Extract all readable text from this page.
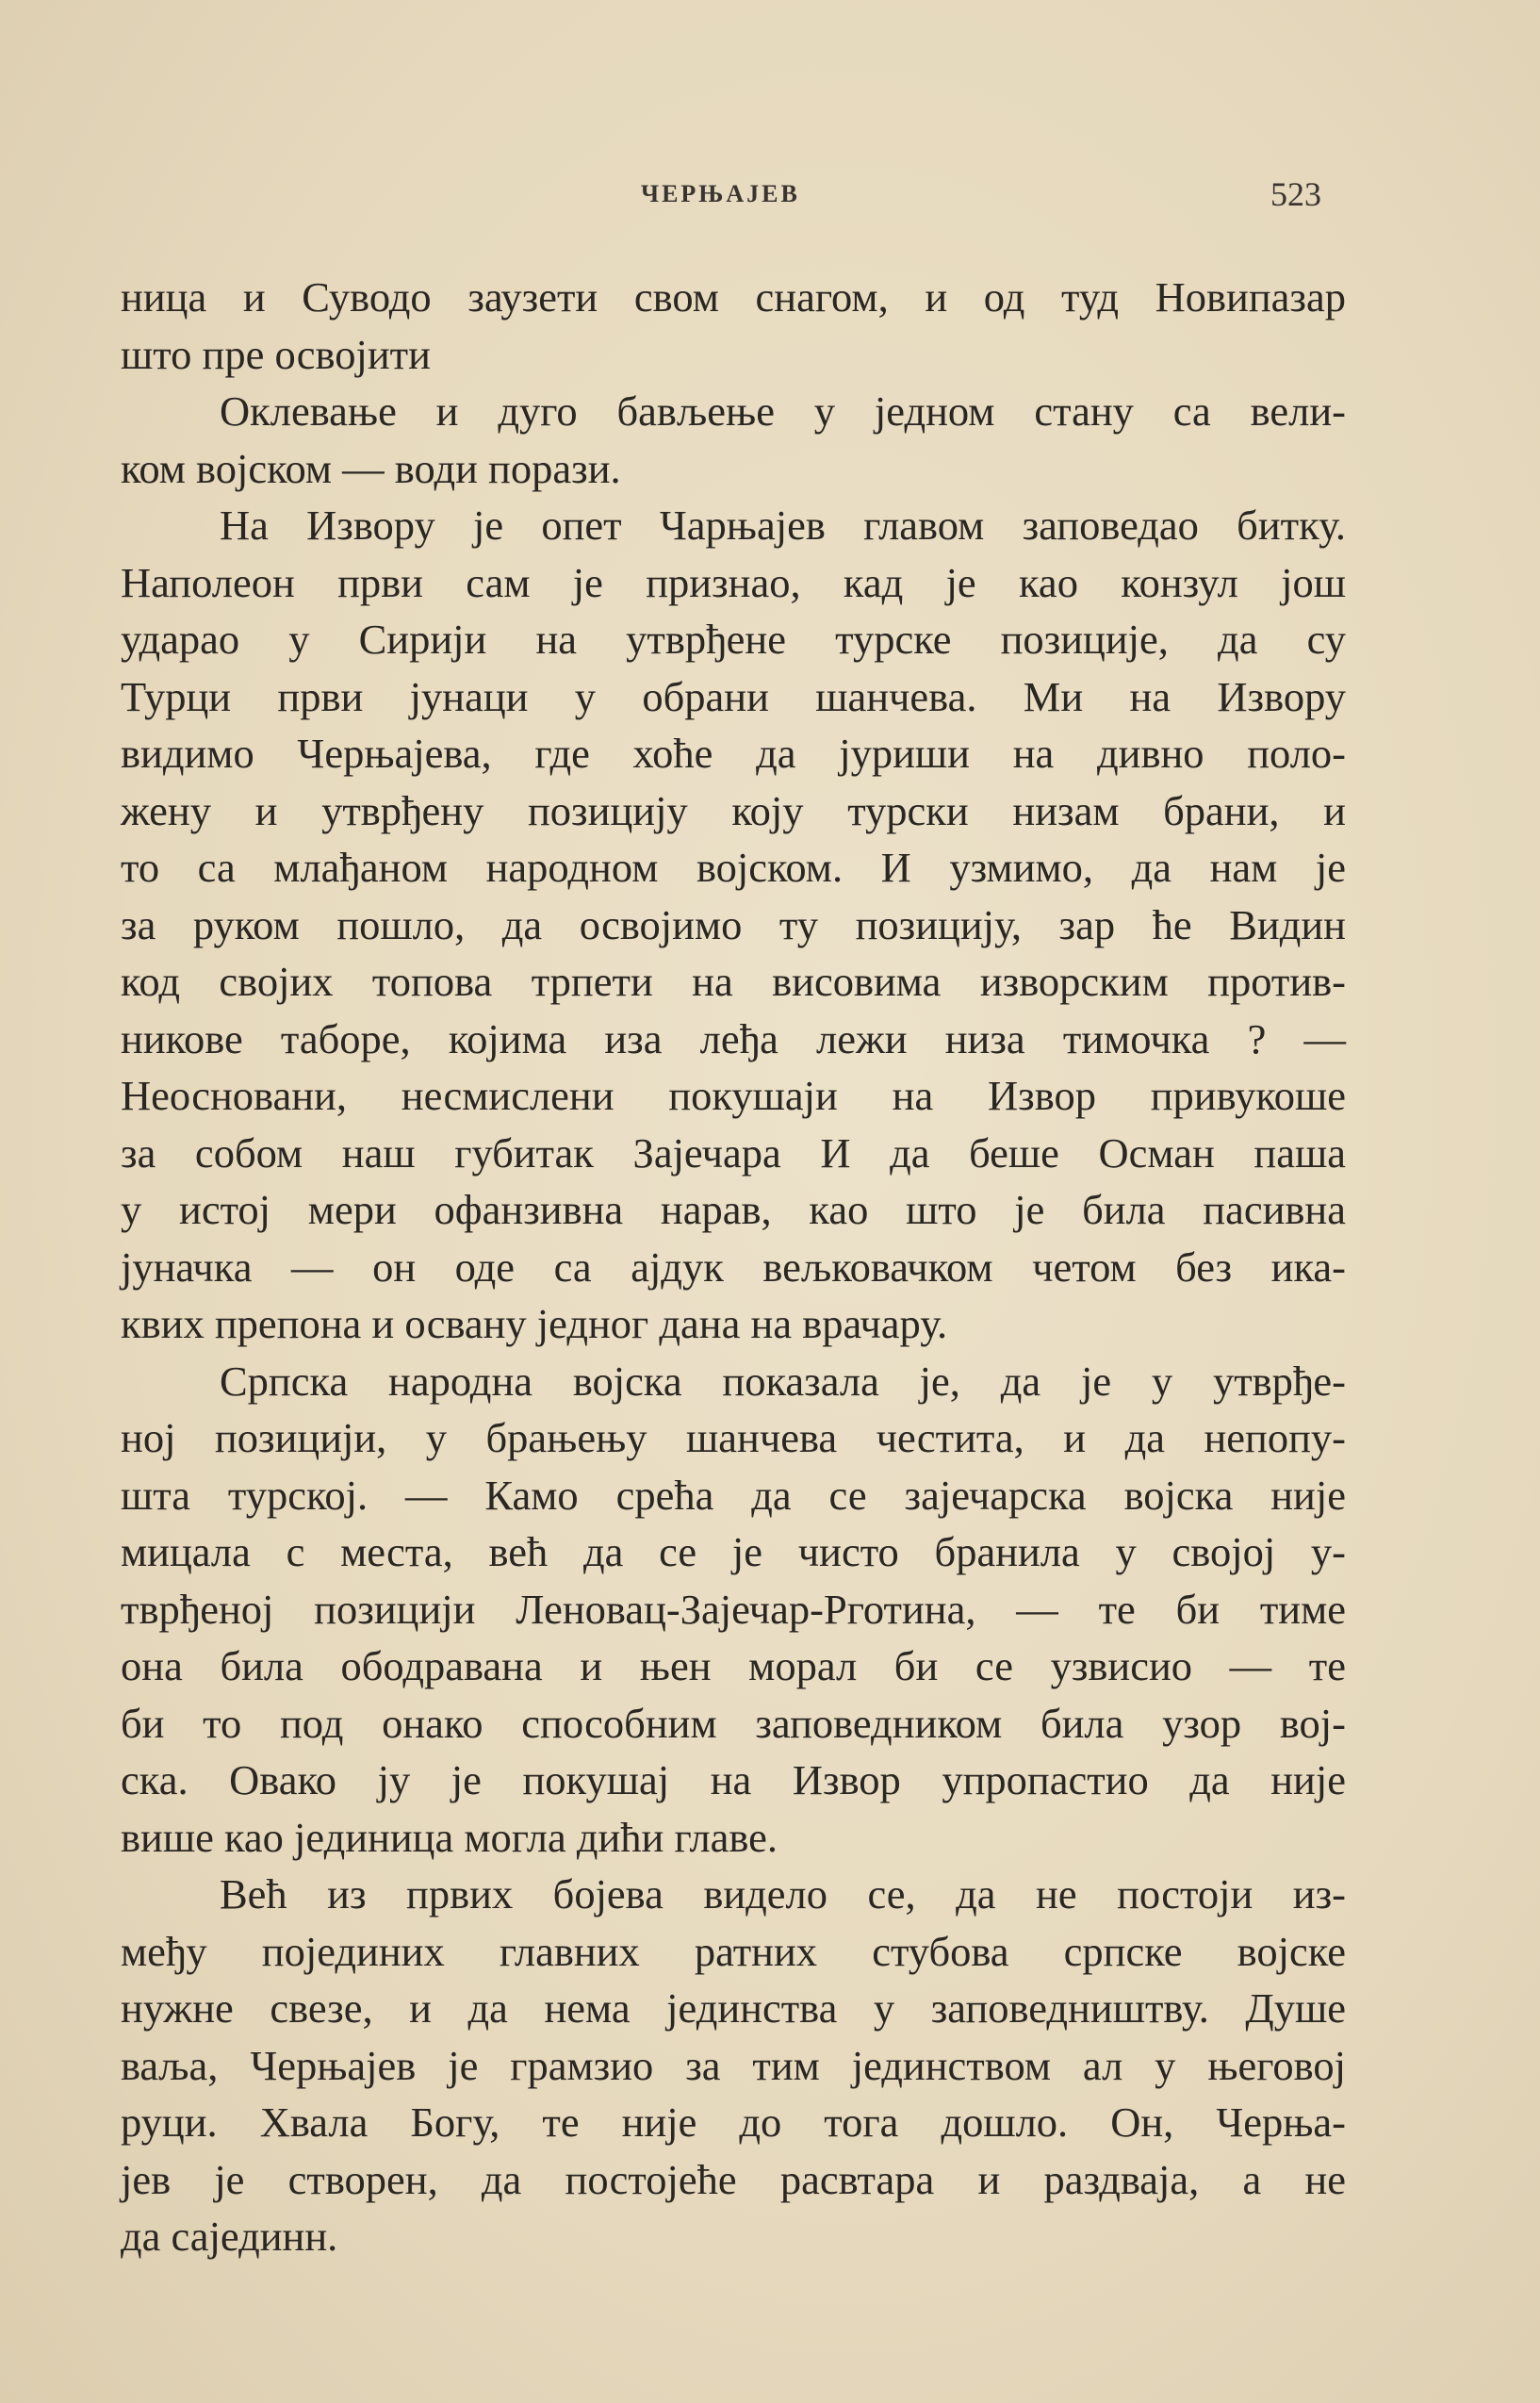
ЧЕРЊАЈЕВ	523
ница и Суводо заузети свом снагом, и од туд Новипазар
што пре освојити
Оклевање и дуго бављење у једном стану са вели-
ком војском — води порази.
На Извору је опет Чарњајев главом заповедао битку.
Наполеон први сам је признао, кад је као конзул још
ударао у Сирији на утврђене турске позиције, да су
Турци први јунаци у обрани шанчева. Ми на Извору
видимо Черњајева, где хоће да јуриши на дивно поло-
жену и утврђену позицију коју турски низам брани, и
то са млађаном народном војском. И узмимо, да нам је
за руком пошло, да освојимо ту позицију, зар ће Видин
код својих топова трпети на висовима изворским против-
никове таборе, којима иза леђа лежи низа тимочка ? —
Неосновани, несмислени покушаји на Извор привукоше
за собом наш губитак Зајечара И да беше Осман паша
у истој мери офанзивна нарав, као што је била пасивна
јуначка — он оде са ајдук вељковачком четом без ика-
квих препона и освану једног дана на врачару.
Српска народна војска показала је, да је у утврђе-
ној позицији, у брањењу шанчева честита, и да непопу-
шта турској. — Камо срећа да се зајечарска војска није
мицала с места, већ да се је чисто бранила у својој у-
тврђеној позицији Леновац-Зајечар-Рготина, — те би тиме
она била ободравана и њен морал би се узвисио — те
би то под онако способним заповедником била узор вој-
ска. Овако ју је покушај на Извор упропастио да није
више као јединица могла дићи главе.
Већ из првих бојева видело се, да не постоји из-
међу појединих главних ратних стубова српске војске
нужне свезе, и да нема јединства у заповедништву. Душе
ваља, Черњајев је грамзио за тим јединством ал у његовој
руци. Хвала Богу, те није до тога дошло. Он, Черња-
јев је створен, да постојеће расвтара и раздваја, а не
да сајединн.
